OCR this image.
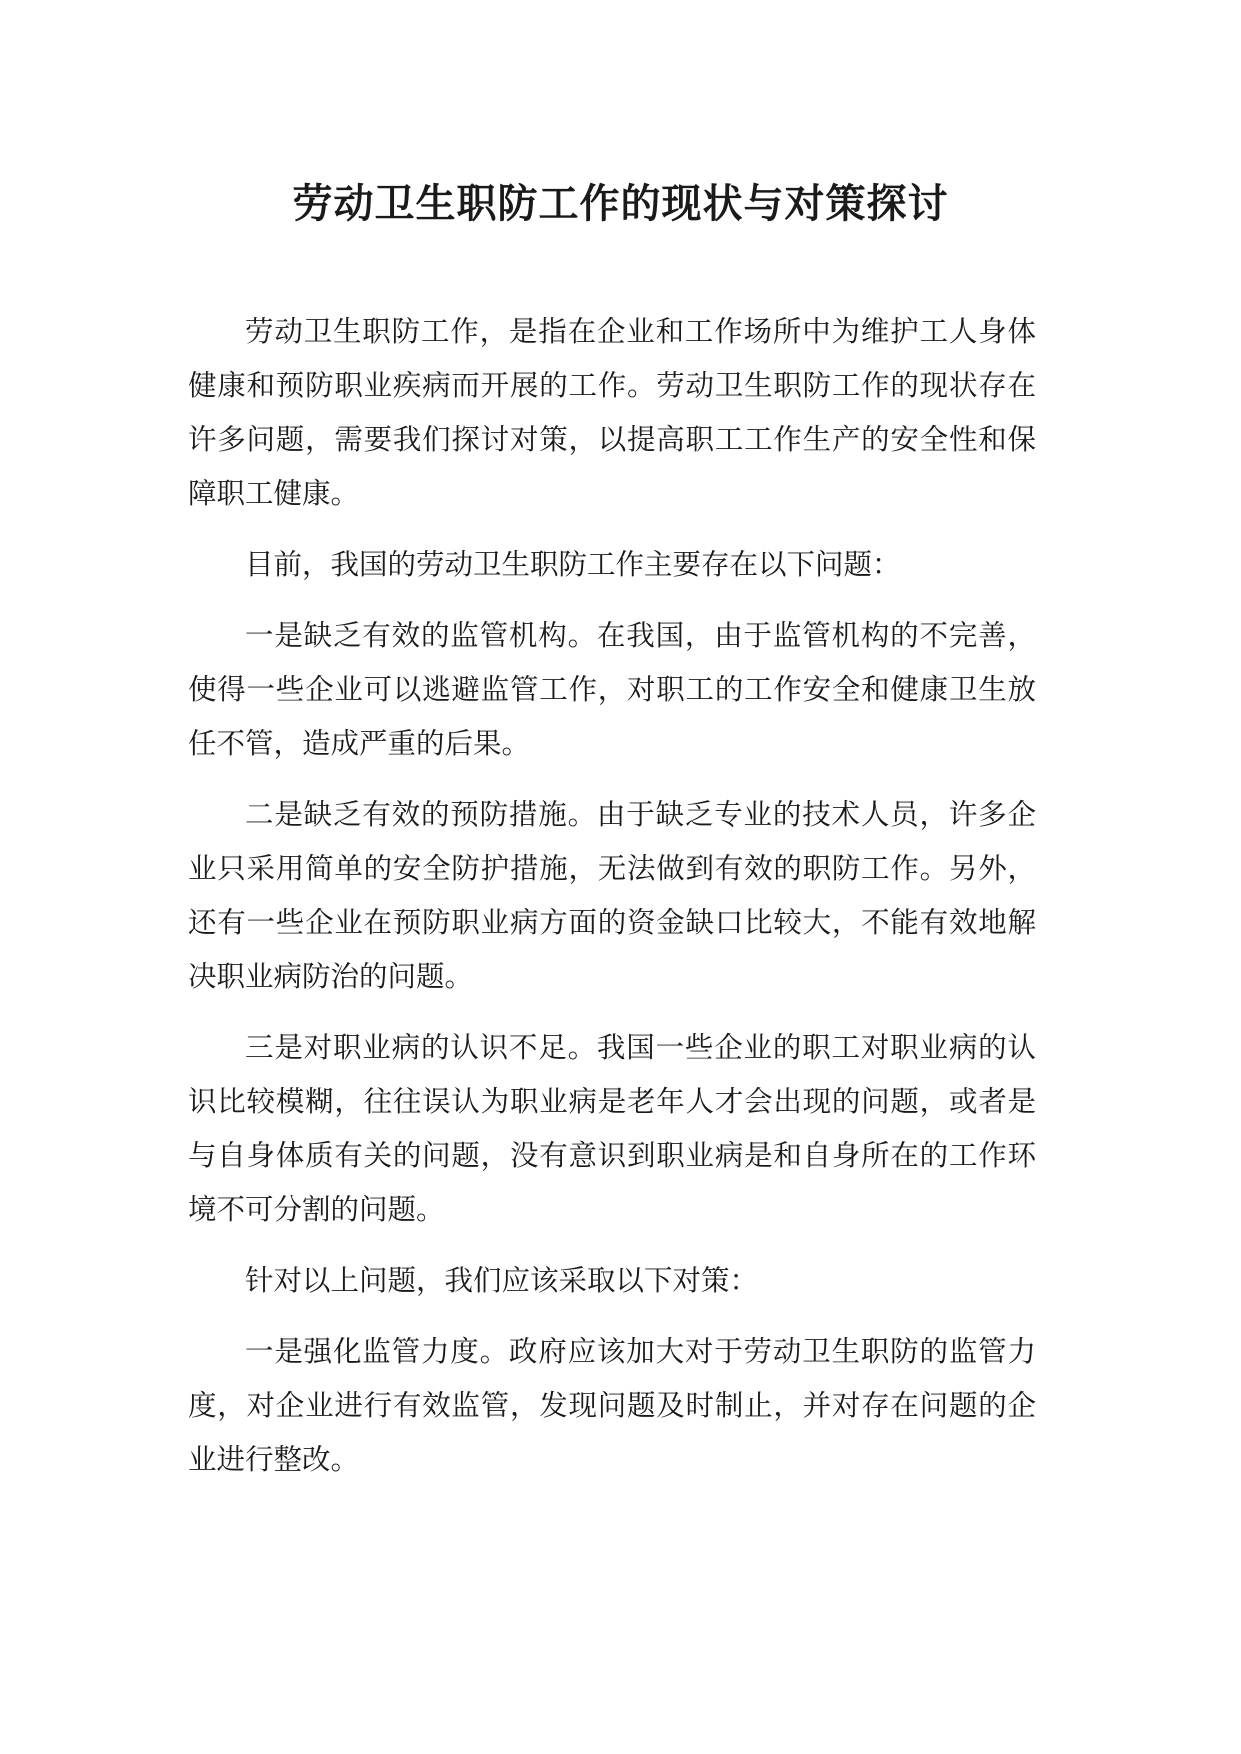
劳动卫生职防工作的现状与对策探讨

劳动卫生职防工作，是指在企业和工作场所中为维护工人身体健康和预防职业疾病而开展的工作。劳动卫生职防工作的现状存在许多问题，需要我们探讨对策，以提高职工工作生产的安全性和保障职工健康。

目前，我国的劳动卫生职防工作主要存在以下问题：

一是缺乏有效的监管机构。在我国，由于监管机构的不完善，使得一些企业可以逃避监管工作，对职工的工作安全和健康卫生放任不管，造成严重的后果。

二是缺乏有效的预防措施。由于缺乏专业的技术人员，许多企业只采用简单的安全防护措施，无法做到有效的职防工作。另外，还有一些企业在预防职业病方面的资金缺口比较大，不能有效地解决职业病防治的问题。

三是对职业病的认识不足。我国一些企业的职工对职业病的认识比较模糊，往往误认为职业病是老年人才会出现的问题，或者是与自身体质有关的问题，没有意识到职业病是和自身所在的工作环境不可分割的问题。

针对以上问题，我们应该采取以下对策：

一是强化监管力度。政府应该加大对于劳动卫生职防的监管力度，对企业进行有效监管，发现问题及时制止，并对存在问题的企业进行整改。
